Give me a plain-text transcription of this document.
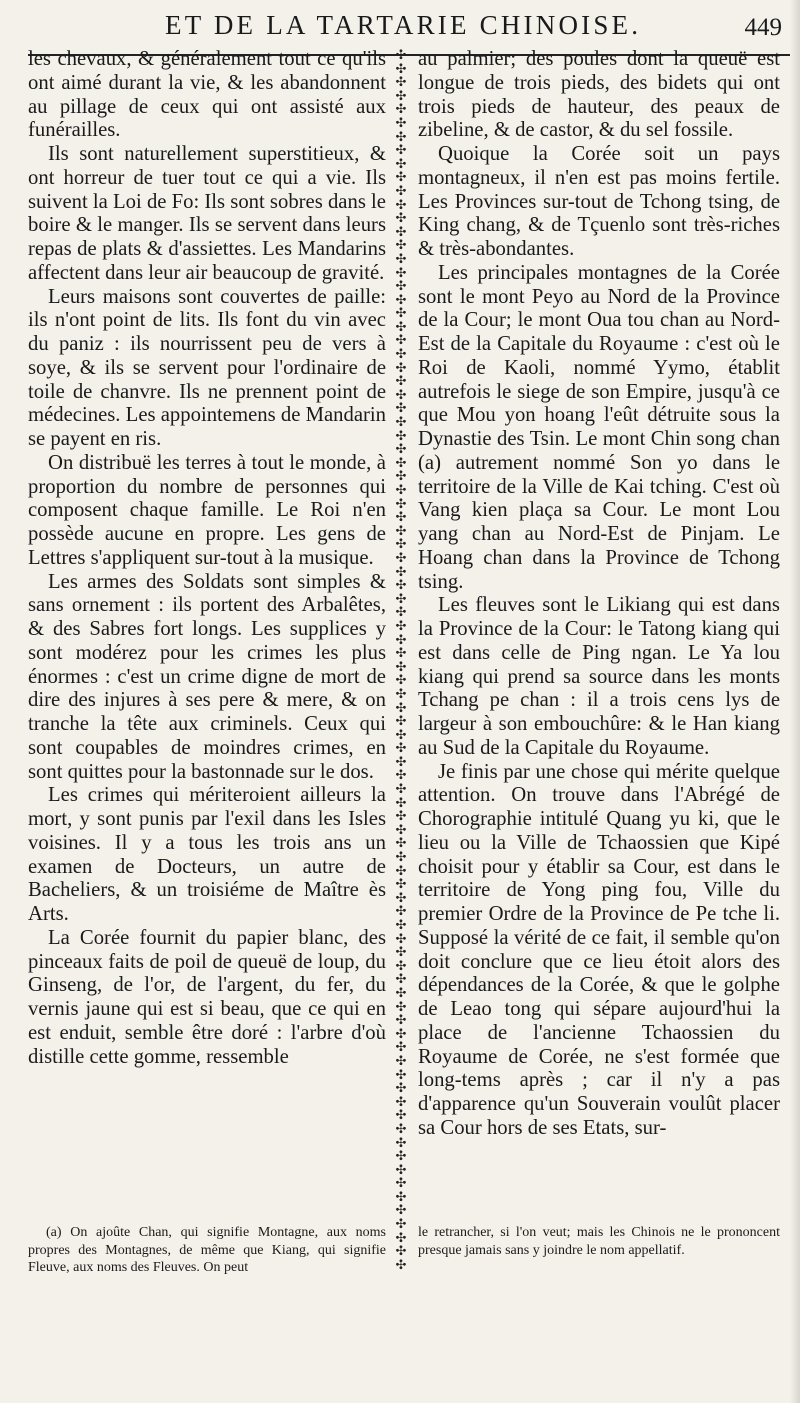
ET DE LA TARTARIE CHINOISE.	449

les chevaux, & généralement tout ce qu'ils ont aimé durant la vie, & les abandonnent au pillage de ceux qui ont assisté aux funérailles.

Ils sont naturellement superstitieux, & ont horreur de tuer tout ce qui a vie. Ils suivent la Loi de Fo: Ils sont sobres dans le boire & le manger. Ils se servent dans leurs repas de plats & d'assiettes. Les Mandarins affectent dans leur air beaucoup de gravité.

Leurs maisons sont couvertes de paille: ils n'ont point de lits. Ils font du vin avec du paniz : ils nourrissent peu de vers à soye, & ils se servent pour l'ordinaire de toile de chanvre. Ils ne prennent point de médecines. Les appointemens de Mandarin se payent en ris.

On distribuë les terres à tout le monde, à proportion du nombre de personnes qui composent chaque famille. Le Roi n'en possède aucune en propre. Les gens de Lettres s'appliquent sur-tout à la musique.

Les armes des Soldats sont simples & sans ornement : ils portent des Arbalêtes, & des Sabres fort longs. Les supplices y sont modérez pour les crimes les plus énormes : c'est un crime digne de mort de dire des injures à ses pere & mere, & on tranche la tête aux criminels. Ceux qui sont coupables de moindres crimes, en sont quittes pour la bastonnade sur le dos.

Les crimes qui mériteroient ailleurs la mort, y sont punis par l'exil dans les Isles voisines. Il y a tous les trois ans un examen de Docteurs, un autre de Bacheliers, & un troisiéme de Maître ès Arts.

La Corée fournit du papier blanc, des pinceaux faits de poil de queuë de loup, du Ginseng, de l'or, de l'argent, du fer, du vernis jaune qui est si beau, que ce qui en est enduit, semble être doré : l'arbre d'où distille cette gomme, ressemble

✣
✣
✣
✣
✣
✣
✣
✣
✣
✣
✣
✣
✣
✣
✣
✣
✣
✣
✣
✣
✣
✣
✣
✣
✣
✣
✣
✣
✣
✣
✣
✣
✣
✣
✣
✣
✣
✣
✣
✣
✣
✣
✣
✣
✣
✣
✣
✣
✣
✣
✣
✣
✣
✣
✣
✣
✣
✣
✣
✣
✣
✣
✣
✣
✣
✣
✣
✣
✣
✣
✣
✣
✣
✣
✣
✣
✣
✣
✣
✣
✣
✣
✣
✣
✣
✣
✣
✣
✣
✣

au palmier; des poules dont la queuë est longue de trois pieds, des bidets qui ont trois pieds de hauteur, des peaux de zibeline, & de castor, & du sel fossile.

Quoique la Corée soit un pays montagneux, il n'en est pas moins fertile. Les Provinces sur-tout de Tchong tsing, de King chang, & de Tçuenlo sont très-riches & très-abondantes.

Les principales montagnes de la Corée sont le mont Peyo au Nord de la Province de la Cour; le mont Oua tou chan au Nord-Est de la Capitale du Royaume : c'est où le Roi de Kaoli, nommé Yymo, établit autrefois le siege de son Empire, jusqu'à ce que Mou yon hoang l'eût détruite sous la Dynastie des Tsin. Le mont Chin song chan (a) autrement nommé Son yo dans le territoire de la Ville de Kai tching. C'est où Vang kien plaça sa Cour. Le mont Lou yang chan au Nord-Est de Pinjam. Le Hoang chan dans la Province de Tchong tsing.

Les fleuves sont le Likiang qui est dans la Province de la Cour: le Tatong kiang qui est dans celle de Ping ngan. Le Ya lou kiang qui prend sa source dans les monts Tchang pe chan : il a trois cens lys de largeur à son embouchûre: & le Han kiang au Sud de la Capitale du Royaume.

Je finis par une chose qui mérite quelque attention. On trouve dans l'Abrégé de Chorographie intitulé Quang yu ki, que le lieu ou la Ville de Tchaossien que Kipé choisit pour y établir sa Cour, est dans le territoire de Yong ping fou, Ville du premier Ordre de la Province de Pe tche li. Supposé la vérité de ce fait, il semble qu'on doit conclure que ce lieu étoit alors des dépendances de la Corée, & que le golphe de Leao tong qui sépare aujourd'hui la place de l'ancienne Tchaossien du Royaume de Corée, ne s'est formée que long-tems après ; car il n'y a pas d'apparence qu'un Souverain voulût placer sa Cour hors de ses Etats, sur-

(a) On ajoûte Chan, qui signifie Montagne, aux noms propres des Montagnes, de même que Kiang, qui signifie Fleuve, aux noms des Fleuves. On peut

le retrancher, si l'on veut; mais les Chinois ne le prononcent presque jamais sans y joindre le nom appellatif.
